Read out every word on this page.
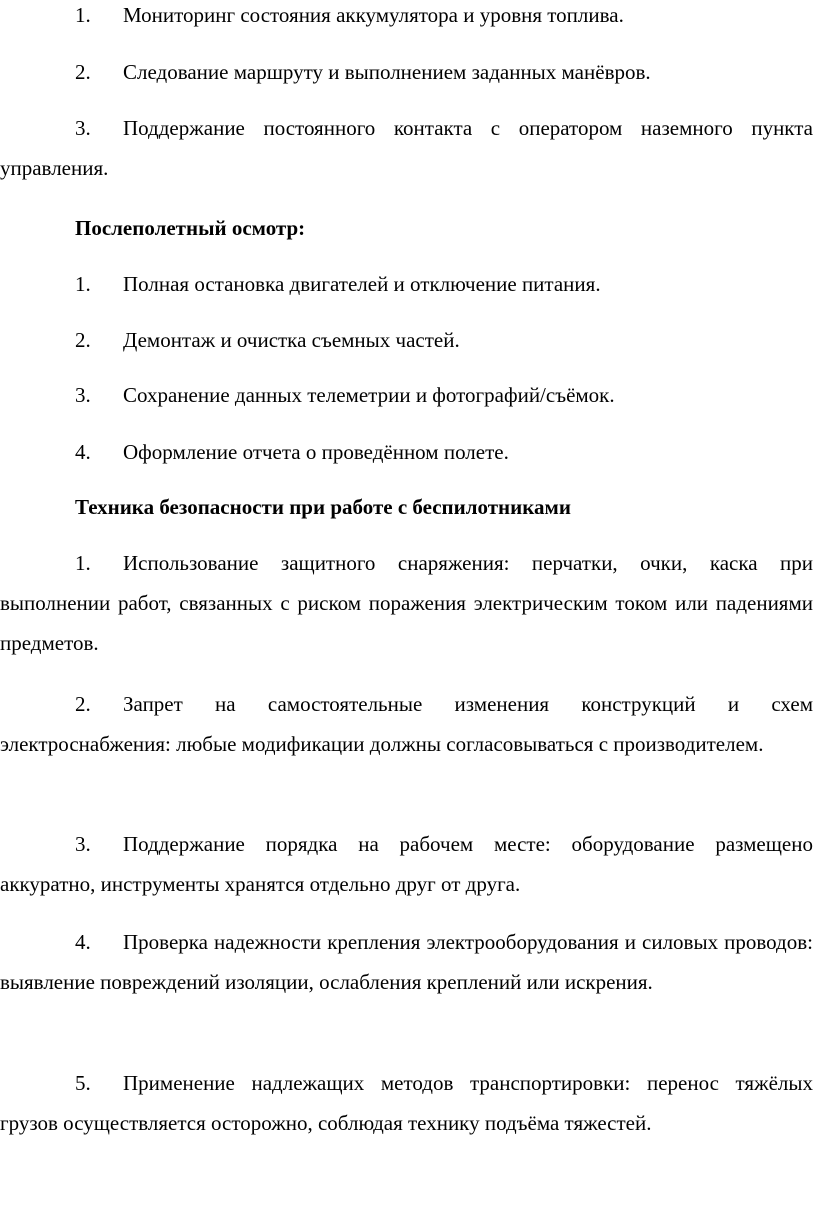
1. Мониторинг состояния аккумулятора и уровня топлива.

2. Следование маршруту и выполнением заданных манёвров.

3. Поддержание постоянного контакта с оператором наземного пункта управления.

Послеполетный осмотр:

1. Полная остановка двигателей и отключение питания.

2. Демонтаж и очистка съемных частей.

3. Сохранение данных телеметрии и фотографий/съёмок.

4. Оформление отчета о проведённом полете.

Техника безопасности при работе с беспилотниками

1. Использование защитного снаряжения: перчатки, очки, каска при выполнении работ, связанных с риском поражения электрическим током или падениями предметов.

2. Запрет на самостоятельные изменения конструкций и схем электроснабжения: любые модификации должны согласовываться с производителем.

3. Поддержание порядка на рабочем месте: оборудование размещено аккуратно, инструменты хранятся отдельно друг от друга.

4. Проверка надежности крепления электрооборудования и силовых проводов: выявление повреждений изоляции, ослабления креплений или искрения.

5. Применение надлежащих методов транспортировки: перенос тяжёлых грузов осуществляется осторожно, соблюдая технику подъёма тяжестей.
